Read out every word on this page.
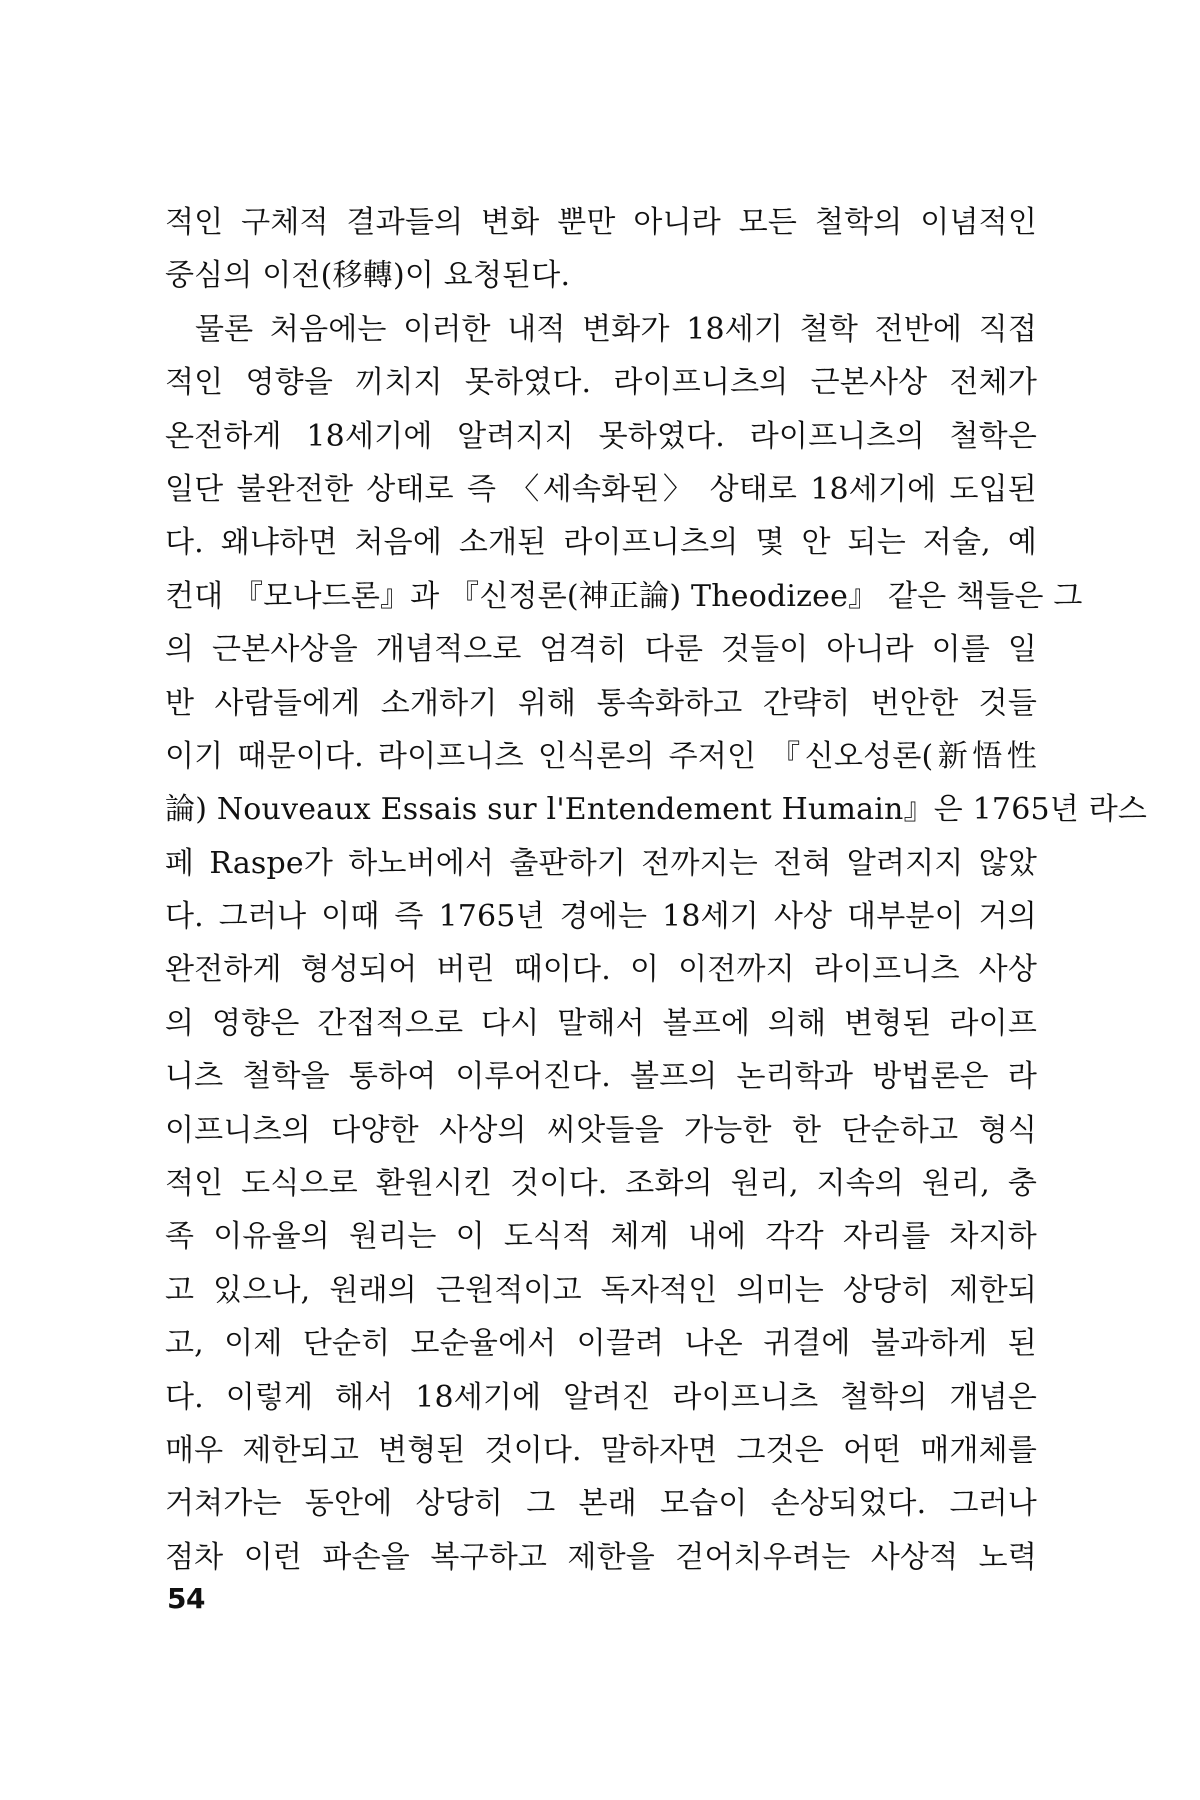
적인 구체적 결과들의 변화 뿐만 아니라 모든 철학의 이념적인
중심의 이전(移轉)이 요청된다.
물론 처음에는 이러한 내적 변화가 18세기 철학 전반에 직접
적인 영향을 끼치지 못하였다. 라이프니츠의 근본사상 전체가
온전하게 18세기에 알려지지 못하였다. 라이프니츠의 철학은
일단 불완전한 상태로 즉 〈세속화된〉 상태로 18세기에 도입된
다. 왜냐하면 처음에 소개된 라이프니츠의 몇 안 되는 저술, 예
컨대 『모나드론』과 『신정론(神正論) Theodizee』 같은 책들은 그
의 근본사상을 개념적으로 엄격히 다룬 것들이 아니라 이를 일
반 사람들에게 소개하기 위해 통속화하고 간략히 번안한 것들
이기 때문이다. 라이프니츠 인식론의 주저인 『신오성론(新悟性
論) Nouveaux Essais sur l'Entendement Humain』은 1765년 라스
페 Raspe가 하노버에서 출판하기 전까지는 전혀 알려지지 않았
다. 그러나 이때 즉 1765년 경에는 18세기 사상 대부분이 거의
완전하게 형성되어 버린 때이다. 이 이전까지 라이프니츠 사상
의 영향은 간접적으로 다시 말해서 볼프에 의해 변형된 라이프
니츠 철학을 통하여 이루어진다. 볼프의 논리학과 방법론은 라
이프니츠의 다양한 사상의 씨앗들을 가능한 한 단순하고 형식
적인 도식으로 환원시킨 것이다. 조화의 원리, 지속의 원리, 충
족 이유율의 원리는 이 도식적 체계 내에 각각 자리를 차지하
고 있으나, 원래의 근원적이고 독자적인 의미는 상당히 제한되
고, 이제 단순히 모순율에서 이끌려 나온 귀결에 불과하게 된
다. 이렇게 해서 18세기에 알려진 라이프니츠 철학의 개념은
매우 제한되고 변형된 것이다. 말하자면 그것은 어떤 매개체를
거쳐가는 동안에 상당히 그 본래 모습이 손상되었다. 그러나
점차 이런 파손을 복구하고 제한을 걷어치우려는 사상적 노력
54
